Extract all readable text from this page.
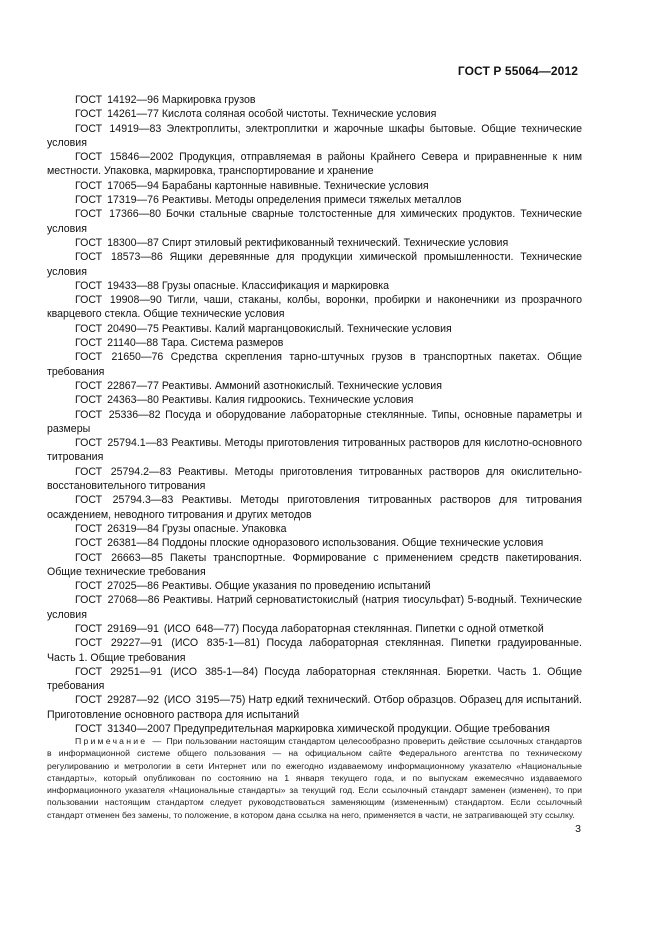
ГОСТ Р 55064—2012

ГОСТ 14192—96 Маркировка грузов

ГОСТ 14261—77 Кислота соляная особой чистоты. Технические условия

ГОСТ 14919—83 Электроплиты, электроплитки и жарочные шкафы бытовые. Общие технические условия

ГОСТ 15846—2002 Продукция, отправляемая в районы Крайнего Севера и приравненные к ним местности. Упаковка, маркировка, транспортирование и хранение

ГОСТ 17065—94 Барабаны картонные навивные. Технические условия

ГОСТ 17319—76 Реактивы. Методы определения примеси тяжелых металлов

ГОСТ 17366—80 Бочки стальные сварные толстостенные для химических продуктов. Технические условия

ГОСТ 18300—87 Спирт этиловый ректификованный технический. Технические условия

ГОСТ 18573—86 Ящики деревянные для продукции химической промышленности. Технические условия

ГОСТ 19433—88 Грузы опасные. Классификация и маркировка

ГОСТ 19908—90 Тигли, чаши, стаканы, колбы, воронки, пробирки и наконечники из прозрачного кварцевого стекла. Общие технические условия

ГОСТ 20490—75 Реактивы. Калий марганцовокислый. Технические условия

ГОСТ 21140—88 Тара. Система размеров

ГОСТ 21650—76 Средства скрепления тарно-штучных грузов в транспортных пакетах. Общие требования

ГОСТ 22867—77 Реактивы. Аммоний азотнокислый. Технические условия

ГОСТ 24363—80 Реактивы. Калия гидроокись. Технические условия

ГОСТ 25336—82 Посуда и оборудование лабораторные стеклянные. Типы, основные параметры и размеры

ГОСТ 25794.1—83 Реактивы. Методы приготовления титрованных растворов для кислотно-основного титрования

ГОСТ 25794.2—83 Реактивы. Методы приготовления титрованных растворов для окислительно-восстановительного титрования

ГОСТ 25794.3—83 Реактивы. Методы приготовления титрованных растворов для титрования осаждением, неводного титрования и других методов

ГОСТ 26319—84 Грузы опасные. Упаковка

ГОСТ 26381—84 Поддоны плоские одноразового использования. Общие технические условия

ГОСТ 26663—85 Пакеты транспортные. Формирование с применением средств пакетирования. Общие технические требования

ГОСТ 27025—86 Реактивы. Общие указания по проведению испытаний

ГОСТ 27068—86 Реактивы. Натрий серноватистокислый (натрия тиосульфат) 5-водный. Технические условия

ГОСТ 29169—91 (ИСО 648—77) Посуда лабораторная стеклянная. Пипетки с одной отметкой

ГОСТ 29227—91 (ИСО 835-1—81) Посуда лабораторная стеклянная. Пипетки градуированные. Часть 1. Общие требования

ГОСТ 29251—91 (ИСО 385-1—84) Посуда лабораторная стеклянная. Бюретки. Часть 1. Общие требования

ГОСТ 29287—92 (ИСО 3195—75) Натр едкий технический. Отбор образцов. Образец для испытаний. Приготовление основного раствора для испытаний

ГОСТ 31340—2007 Предупредительная маркировка химической продукции. Общие требования

Примечание — При пользовании настоящим стандартом целесообразно проверить действие ссылочных стандартов в информационной системе общего пользования — на официальном сайте Федерального агентства по техническому регулированию и метрологии в сети Интернет или по ежегодно издаваемому информационному указателю «Национальные стандарты», который опубликован по состоянию на 1 января текущего года, и по выпускам ежемесячно издаваемого информационного указателя «Национальные стандарты» за текущий год. Если ссылочный стандарт заменен (изменен), то при пользовании настоящим стандартом следует руководствоваться заменяющим (измененным) стандартом. Если ссылочный стандарт отменен без замены, то положение, в котором дана ссылка на него, применяется в части, не затрагивающей эту ссылку.

3
